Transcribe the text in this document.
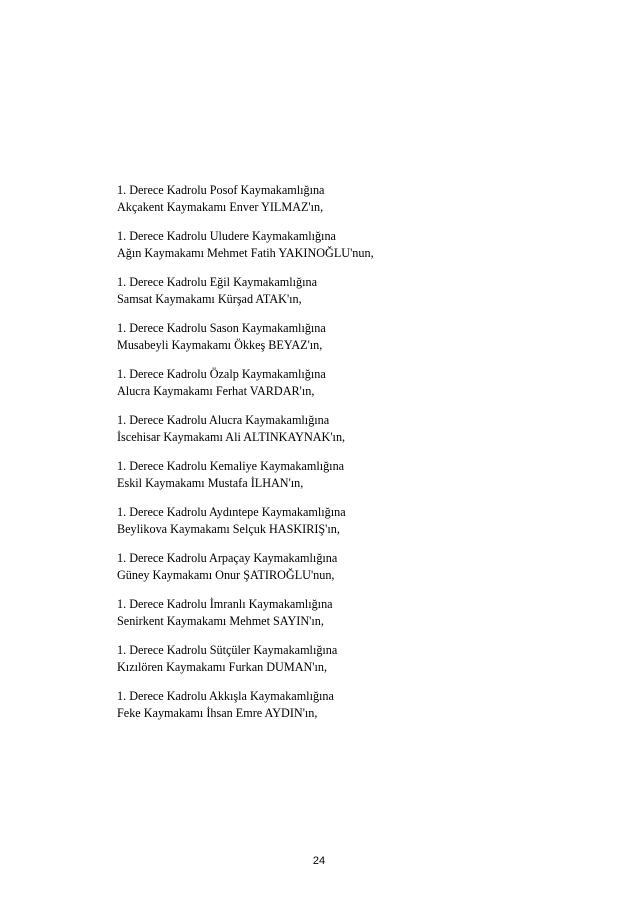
1. Derece Kadrolu Posof Kaymakamlığına
Akçakent Kaymakamı Enver YILMAZ'ın,
1. Derece Kadrolu Uludere Kaymakamlığına
Ağın Kaymakamı Mehmet Fatih YAKINOĞLU'nun,
1. Derece Kadrolu Eğil Kaymakamlığına
Samsat Kaymakamı Kürşad ATAK'ın,
1. Derece Kadrolu Sason Kaymakamlığına
Musabeyli Kaymakamı Ökkeş BEYAZ'ın,
1. Derece Kadrolu Özalp Kaymakamlığına
Alucra Kaymakamı Ferhat VARDAR'ın,
1. Derece Kadrolu Alucra Kaymakamlığına
İscehisar Kaymakamı Ali ALTINKAYNAK'ın,
1. Derece Kadrolu Kemaliye Kaymakamlığına
Eskil Kaymakamı Mustafa İLHAN'ın,
1. Derece Kadrolu Aydıntepe Kaymakamlığına
Beylikova Kaymakamı Selçuk HASKIRIŞ'ın,
1. Derece Kadrolu Arpaçay Kaymakamlığına
Güney Kaymakamı Onur ŞATIROĞLU'nun,
1. Derece Kadrolu İmranlı Kaymakamlığına
Senirkent Kaymakamı Mehmet SAYIN'ın,
1. Derece Kadrolu Sütçüler Kaymakamlığına
Kızılören Kaymakamı Furkan DUMAN'ın,
1. Derece Kadrolu Akkışla Kaymakamlığına
Feke Kaymakamı İhsan Emre AYDIN'ın,
24
